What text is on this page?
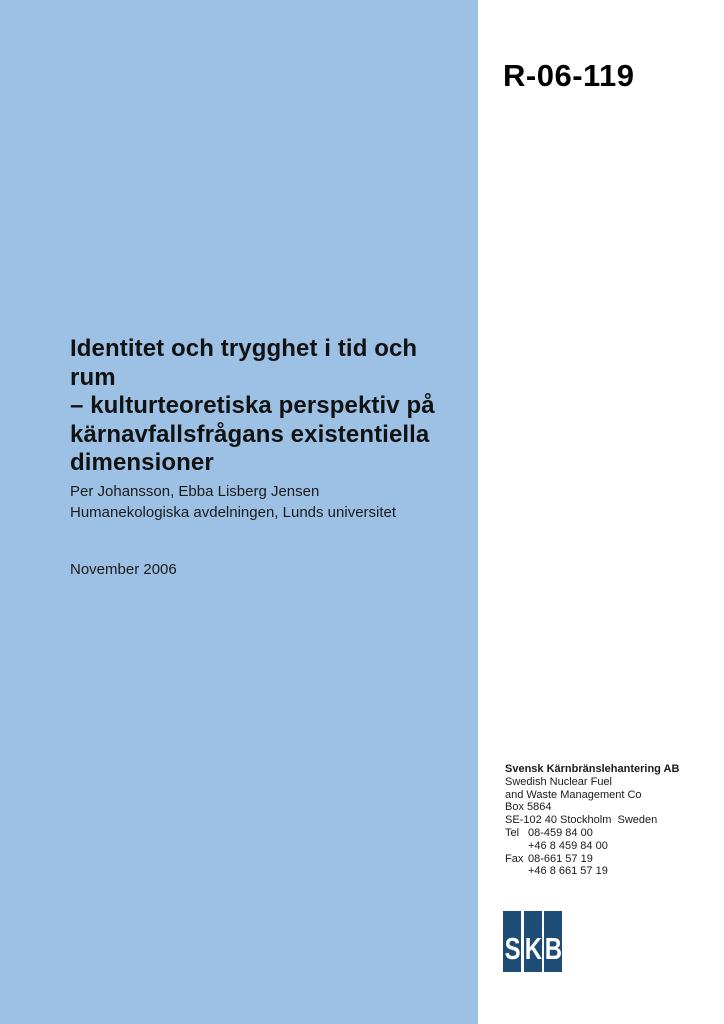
R-06-119
Identitet och trygghet i tid och rum
– kulturteoretiska perspektiv på
kärnavfallsfrågans existentiella
dimensioner
Per Johansson, Ebba Lisberg Jensen
Humanekologiska avdelningen, Lunds universitet
November 2006
Svensk Kärnbränslehantering AB
Swedish Nuclear Fuel
and Waste Management Co
Box 5864
SE-102 40 Stockholm  Sweden
Tel 08-459 84 00
+46 8 459 84 00
Fax 08-661 57 19
+46 8 661 57 19
S K B
